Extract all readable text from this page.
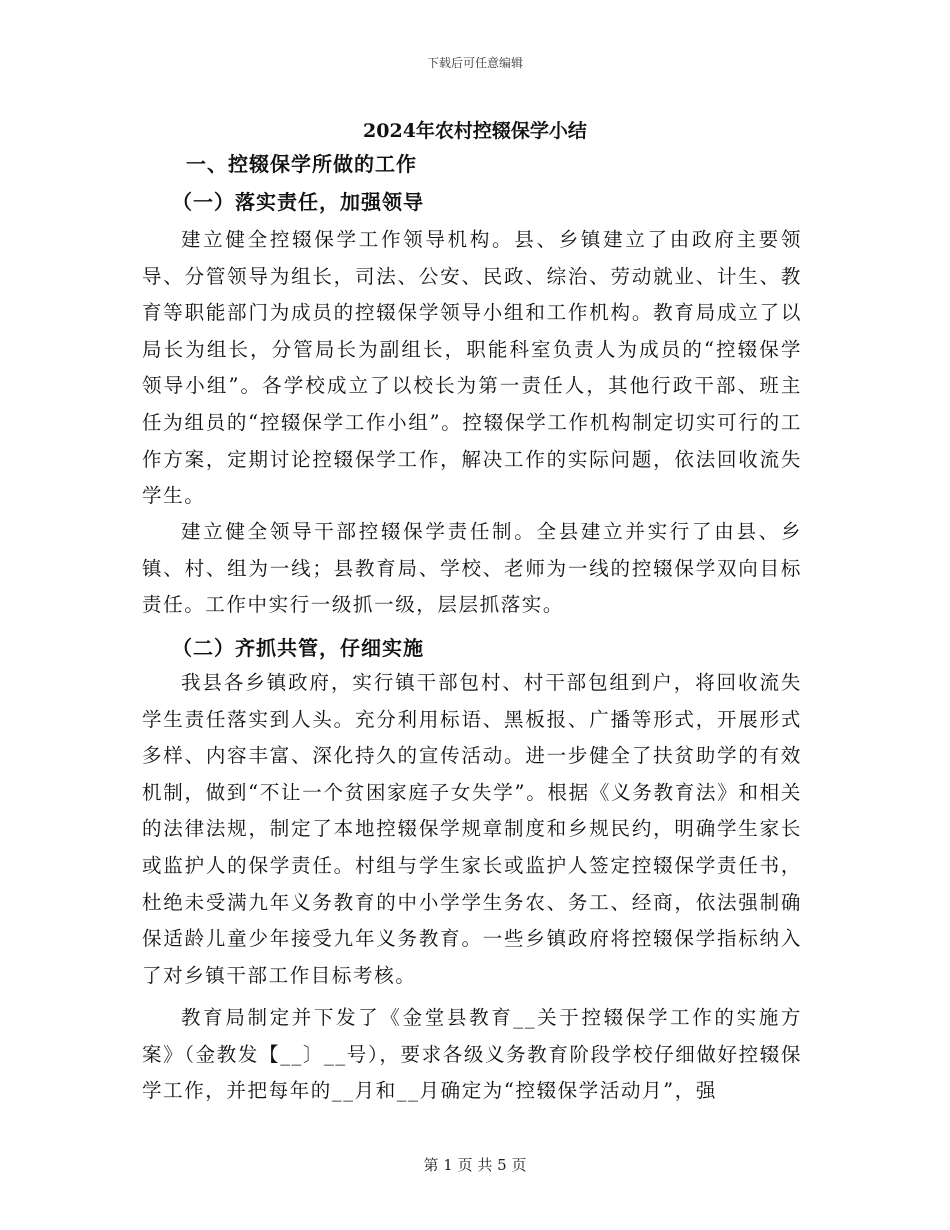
下载后可任意编辑
2024年农村控辍保学小结
一、控辍保学所做的工作
（一）落实责任，加强领导

建立健全控辍保学工作领导机构。县、乡镇建立了由政府主要领导、分管领导为组长，司法、公安、民政、综治、劳动就业、计生、教育等职能部门为成员的控辍保学领导小组和工作机构。教育局成立了以局长为组长，分管局长为副组长，职能科室负责人为成员的“控辍保学领导小组”。各学校成立了以校长为第一责任人，其他行政干部、班主任为组员的“控辍保学工作小组”。控辍保学工作机构制定切实可行的工作方案，定期讨论控辍保学工作，解决工作的实际问题，依法回收流失学生。

建立健全领导干部控辍保学责任制。全县建立并实行了由县、乡镇、村、组为一线；县教育局、学校、老师为一线的控辍保学双向目标责任。工作中实行一级抓一级，层层抓落实。

（二）齐抓共管，仔细实施

我县各乡镇政府，实行镇干部包村、村干部包组到户，将回收流失学生责任落实到人头。充分利用标语、黑板报、广播等形式，开展形式多样、内容丰富、深化持久的宣传活动。进一步健全了扶贫助学的有效机制，做到“不让一个贫困家庭子女失学”。根据《义务教育法》和相关的法律法规，制定了本地控辍保学规章制度和乡规民约，明确学生家长或监护人的保学责任。村组与学生家长或监护人签定控辍保学责任书，杜绝未受满九年义务教育的中小学学生务农、务工、经商，依法强制确保适龄儿童少年接受九年义务教育。一些乡镇政府将控辍保学指标纳入了对乡镇干部工作目标考核。

教育局制定并下发了《金堂县教育__关于控辍保学工作的实施方案》（金教发【__〕__号），要求各级义务教育阶段学校仔细做好控辍保学工作，并把每年的__月和__月确定为“控辍保学活动月”，强

第 1 页 共 5 页
